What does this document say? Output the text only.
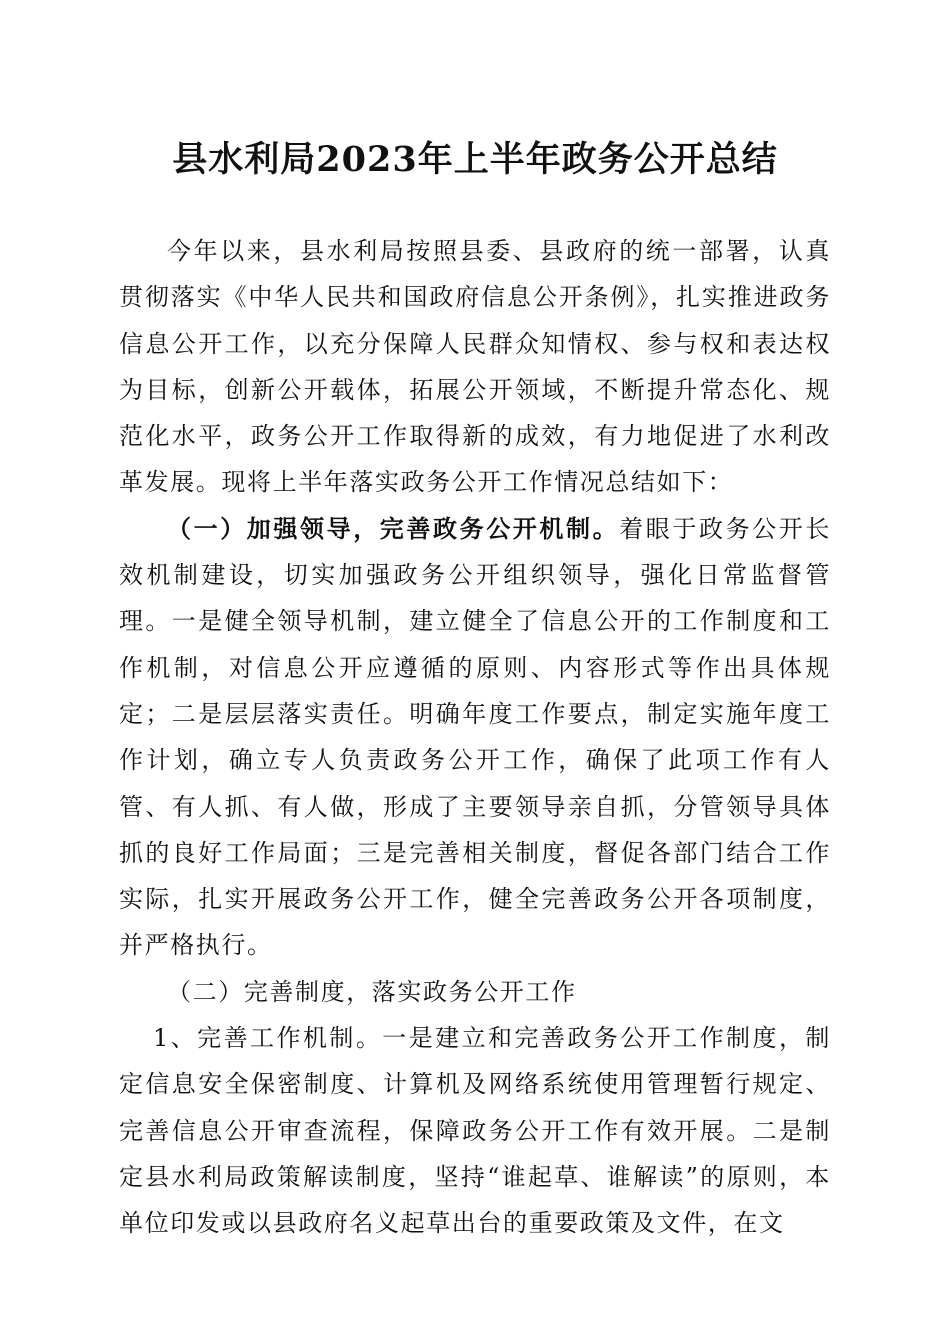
县水利局2023年上半年政务公开总结

今年以来，县水利局按照县委、县政府的统一部署，认真贯彻落实《中华人民共和国政府信息公开条例》，扎实推进政务信息公开工作，以充分保障人民群众知情权、参与权和表达权为目标，创新公开载体，拓展公开领域，不断提升常态化、规范化水平，政务公开工作取得新的成效，有力地促进了水利改革发展。现将上半年落实政务公开工作情况总结如下：

（一）加强领导，完善政务公开机制。着眼于政务公开长效机制建设，切实加强政务公开组织领导，强化日常监督管理。一是健全领导机制，建立健全了信息公开的工作制度和工作机制，对信息公开应遵循的原则、内容形式等作出具体规定；二是层层落实责任。明确年度工作要点，制定实施年度工作计划，确立专人负责政务公开工作，确保了此项工作有人管、有人抓、有人做，形成了主要领导亲自抓，分管领导具体抓的良好工作局面；三是完善相关制度，督促各部门结合工作实际，扎实开展政务公开工作，健全完善政务公开各项制度，并严格执行。

（二）完善制度，落实政务公开工作

1、完善工作机制。一是建立和完善政务公开工作制度，制定信息安全保密制度、计算机及网络系统使用管理暂行规定、完善信息公开审查流程，保障政务公开工作有效开展。二是制定县水利局政策解读制度，坚持“谁起草、谁解读”的原则，本单位印发或以县政府名义起草出台的重要政策及文件，在文
